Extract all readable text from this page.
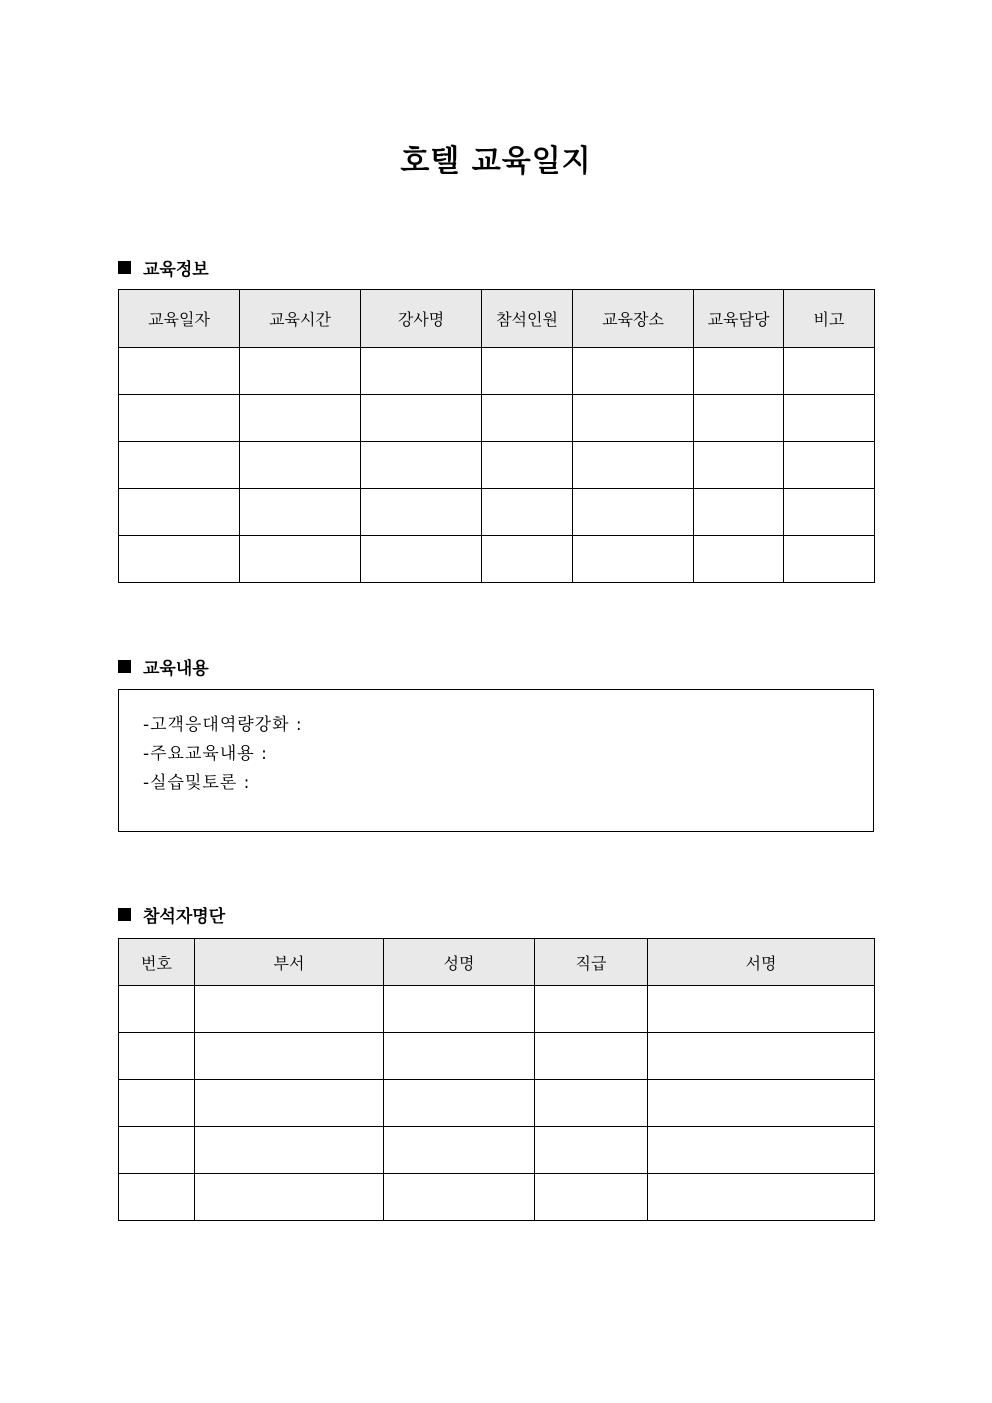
호텔 교육일지
교육정보
교육일자	교육시간	강사명	참석인원	교육장소	교육담당	비고

교육내용
-고객응대역량강화 :
-주요교육내용 :
-실습및토론 :
참석자명단
번호	부서	성명	직급	서명
